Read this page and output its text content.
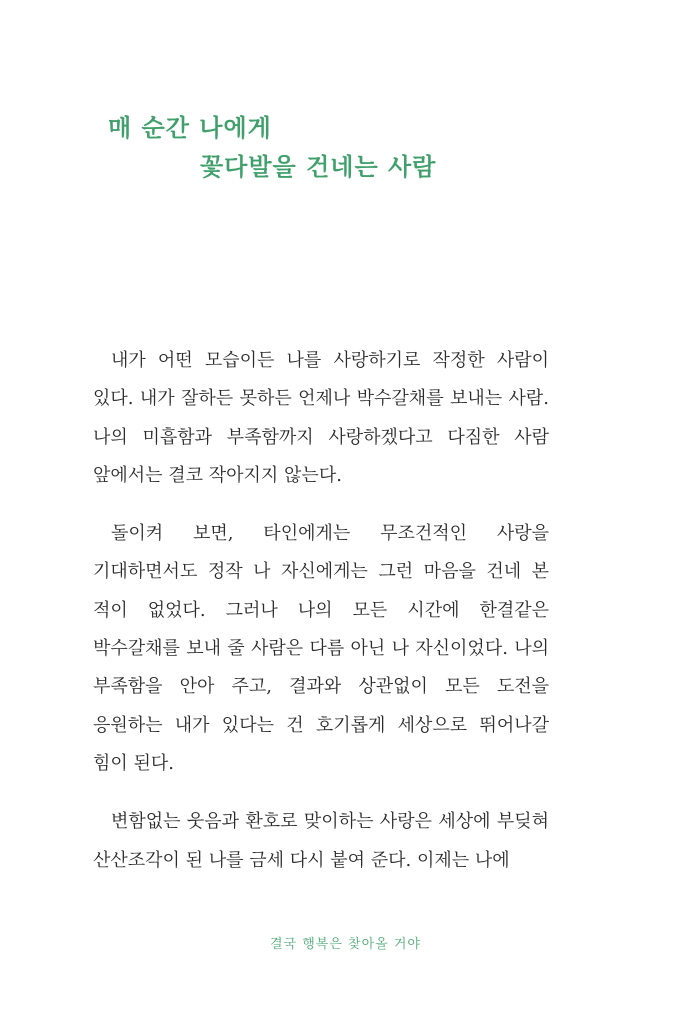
매 순간 나에게
꽃다발을 건네는 사람

내가 어떤 모습이든 나를 사랑하기로 작정한 사람이 있다. 내가 잘하든 못하든 언제나 박수갈채를 보내는 사람. 나의 미흡함과 부족함까지 사랑하겠다고 다짐한 사람 앞에서는 결코 작아지지 않는다.

돌이켜 보면, 타인에게는 무조건적인 사랑을 기대하면서도 정작 나 자신에게는 그런 마음을 건네 본 적이 없었다. 그러나 나의 모든 시간에 한결같은 박수갈채를 보내 줄 사람은 다름 아닌 나 자신이었다. 나의 부족함을 안아 주고, 결과와 상관없이 모든 도전을 응원하는 내가 있다는 건 호기롭게 세상으로 뛰어나갈 힘이 된다.

변함없는 웃음과 환호로 맞이하는 사랑은 세상에 부딪혀 산산조각이 된 나를 금세 다시 붙여 준다. 이제는 나에

결국 행복은 찾아올 거야
